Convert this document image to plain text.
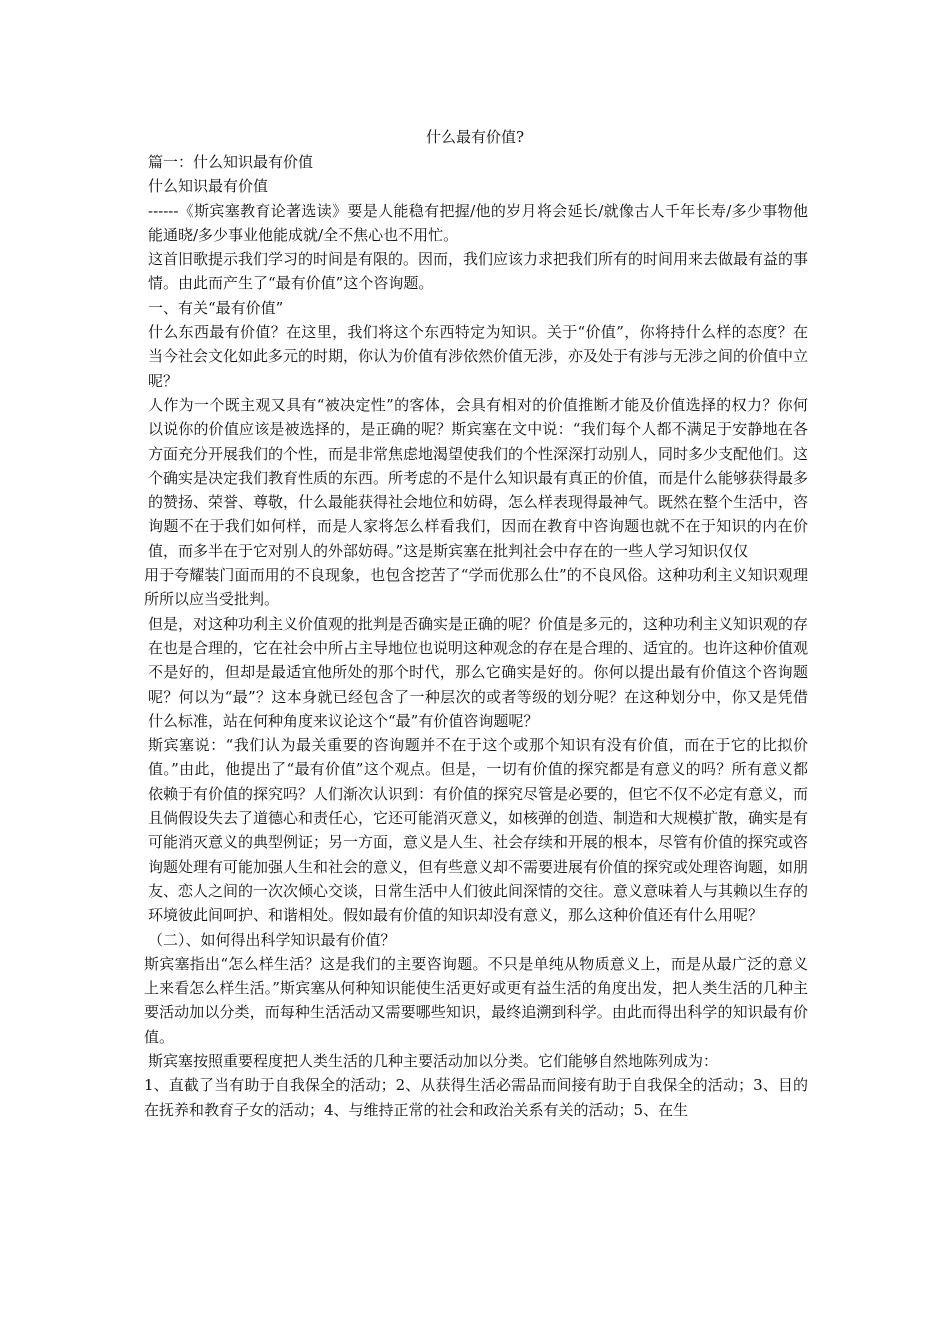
什么最有价值?

篇一：什么知识最有价值

什么知识最有价值

------《斯宾塞教育论著选读》要是人能稳有把握/他的岁月将会延长/就像古人千年长寿/多少事物他能通晓/多少事业他能成就/全不焦心也不用忙。

这首旧歌提示我们学习的时间是有限的。因而，我们应该力求把我们所有的时间用来去做最有益的事情。由此而产生了“最有价值”这个咨询题。

一、有关“最有价值”

什么东西最有价值？在这里，我们将这个东西特定为知识。关于“价值”，你将持什么样的态度？在当今社会文化如此多元的时期，你认为价值有涉依然价值无涉，亦及处于有涉与无涉之间的价值中立呢？

人作为一个既主观又具有“被决定性”的客体，会具有相对的价值推断才能及价值选择的权力？你何以说你的价值应该是被选择的，是正确的呢？斯宾塞在文中说：“我们每个人都不满足于安静地在各方面充分开展我们的个性，而是非常焦虑地渴望使我们的个性深深打动别人，同时多少支配他们。这个确实是决定我们教育性质的东西。所考虑的不是什么知识最有真正的价值，而是什么能够获得最多的赞扬、荣誉、尊敬，什么最能获得社会地位和妨碍，怎么样表现得最神气。既然在整个生活中，咨询题不在于我们如何样，而是人家将怎么样看我们，因而在教育中咨询题也就不在于知识的内在价值，而多半在于它对别人的外部妨碍。”这是斯宾塞在批判社会中存在的一些人学习知识仅仅

用于夸耀装门面而用的不良现象，也包含挖苦了“学而优那么仕”的不良风俗。这种功利主义知识观理所所以应当受批判。

但是，对这种功利主义价值观的批判是否确实是正确的呢？价值是多元的，这种功利主义知识观的存在也是合理的，它在社会中所占主导地位也说明这种观念的存在是合理的、适宜的。也许这种价值观不是好的，但却是最适宜他所处的那个时代，那么它确实是好的。你何以提出最有价值这个咨询题呢？何以为“最”？这本身就已经包含了一种层次的或者等级的划分呢？在这种划分中，你又是凭借什么标准，站在何种角度来议论这个“最”有价值咨询题呢？

斯宾塞说：“我们认为最关重要的咨询题并不在于这个或那个知识有没有价值，而在于它的比拟价值。”由此，他提出了“最有价值”这个观点。但是，一切有价值的探究都是有意义的吗？所有意义都依赖于有价值的探究吗？人们渐次认识到：有价值的探究尽管是必要的，但它不仅不必定有意义，而且倘假设失去了道德心和责任心，它还可能消灭意义，如核弹的创造、制造和大规模扩散，确实是有可能消灭意义的典型例证；另一方面，意义是人生、社会存续和开展的根本，尽管有价值的探究或咨询题处理有可能加强人生和社会的意义，但有些意义却不需要进展有价值的探究或处理咨询题，如朋友、恋人之间的一次次倾心交谈，日常生活中人们彼此间深情的交往。意义意味着人与其赖以生存的环境彼此间呵护、和谐相处。假如最有价值的知识却没有意义，那么这种价值还有什么用呢？

（二）、如何得出科学知识最有价值？

斯宾塞指出“怎么样生活？这是我们的主要咨询题。不只是单纯从物质意义上，而是从最广泛的意义上来看怎么样生活。”斯宾塞从何种知识能使生活更好或更有益生活的角度出发，把人类生活的几种主要活动加以分类，而每种生活活动又需要哪些知识，最终追溯到科学。由此而得出科学的知识最有价值。

斯宾塞按照重要程度把人类生活的几种主要活动加以分类。它们能够自然地陈列成为：

1、直截了当有助于自我保全的活动；2、从获得生活必需品而间接有助于自我保全的活动；3、目的在抚养和教育子女的活动；4、与维持正常的社会和政治关系有关的活动；5、在生
